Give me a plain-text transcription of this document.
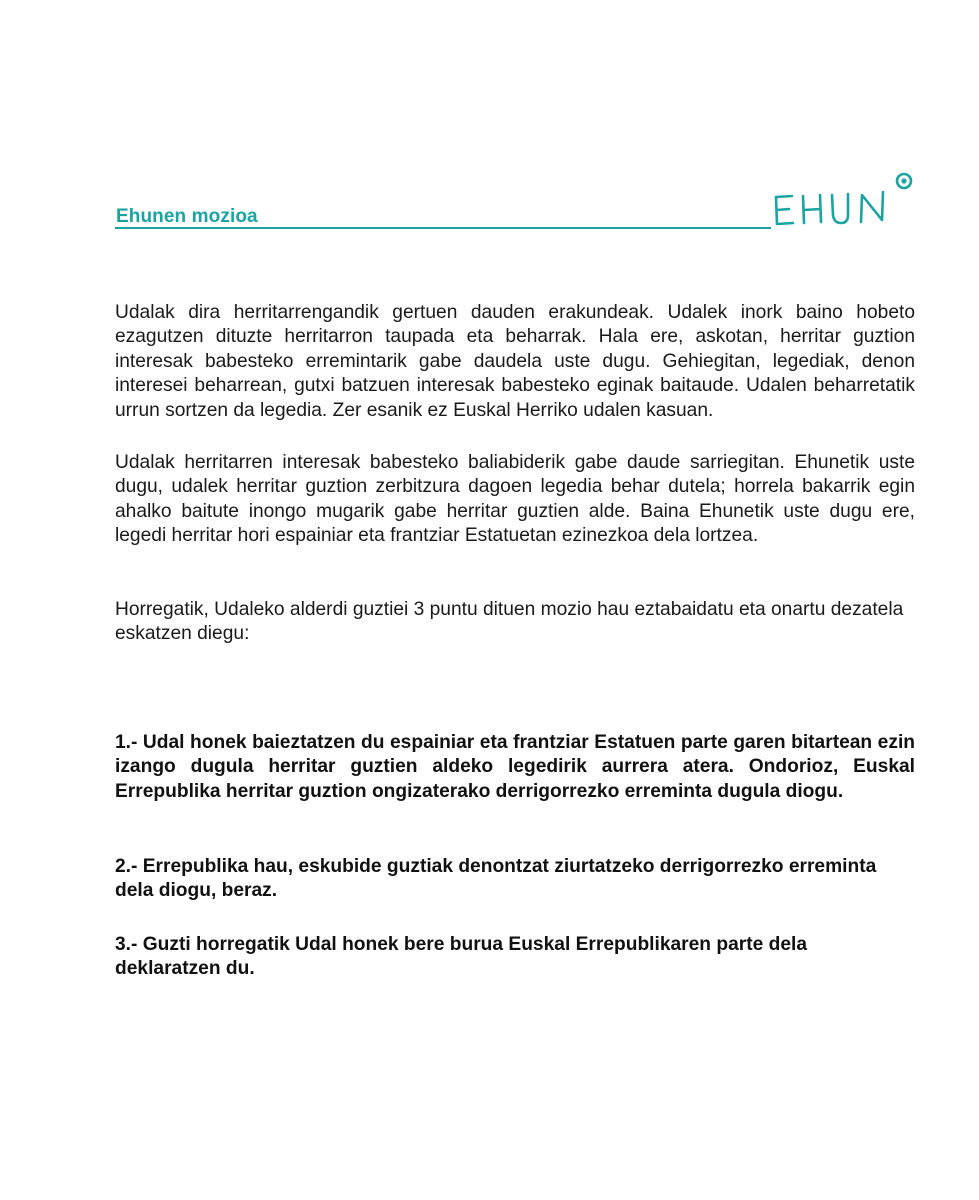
Ehunen mozioa

Udalak dira herritarrengandik gertuen dauden erakundeak. Udalek inork baino hobeto ezagutzen dituzte herritarron taupada eta beharrak. Hala ere, askotan, herritar guztion interesak babesteko erremintarik gabe daudela uste dugu. Gehiegitan, legediak, denon interesei beharrean, gutxi batzuen interesak babesteko eginak baitaude. Udalen beharretatik urrun sortzen da legedia. Zer esanik ez Euskal Herriko udalen kasuan.

Udalak herritarren interesak babesteko baliabiderik gabe daude sarriegitan. Ehunetik uste dugu, udalek herritar guztion zerbitzura dagoen legedia behar dutela; horrela bakarrik egin ahalko baitute inongo mugarik gabe herritar guztien alde. Baina Ehunetik uste dugu ere, legedi herritar hori espainiar eta frantziar Estatuetan ezinezkoa dela lortzea.

Horregatik, Udaleko alderdi guztiei 3 puntu dituen mozio hau eztabaidatu eta onartu dezatela eskatzen diegu:

1.- Udal honek baieztatzen du espainiar eta frantziar Estatuen parte garen bitartean ezin izango dugula herritar guztien aldeko legedirik aurrera atera. Ondorioz, Euskal Errepublika herritar guztion ongizaterako derrigorrezko erreminta dugula diogu.

2.- Errepublika hau, eskubide guztiak denontzat ziurtatzeko derrigorrezko erreminta dela diogu, beraz.

3.- Guzti horregatik Udal honek bere burua Euskal Errepublikaren parte dela deklaratzen du.
